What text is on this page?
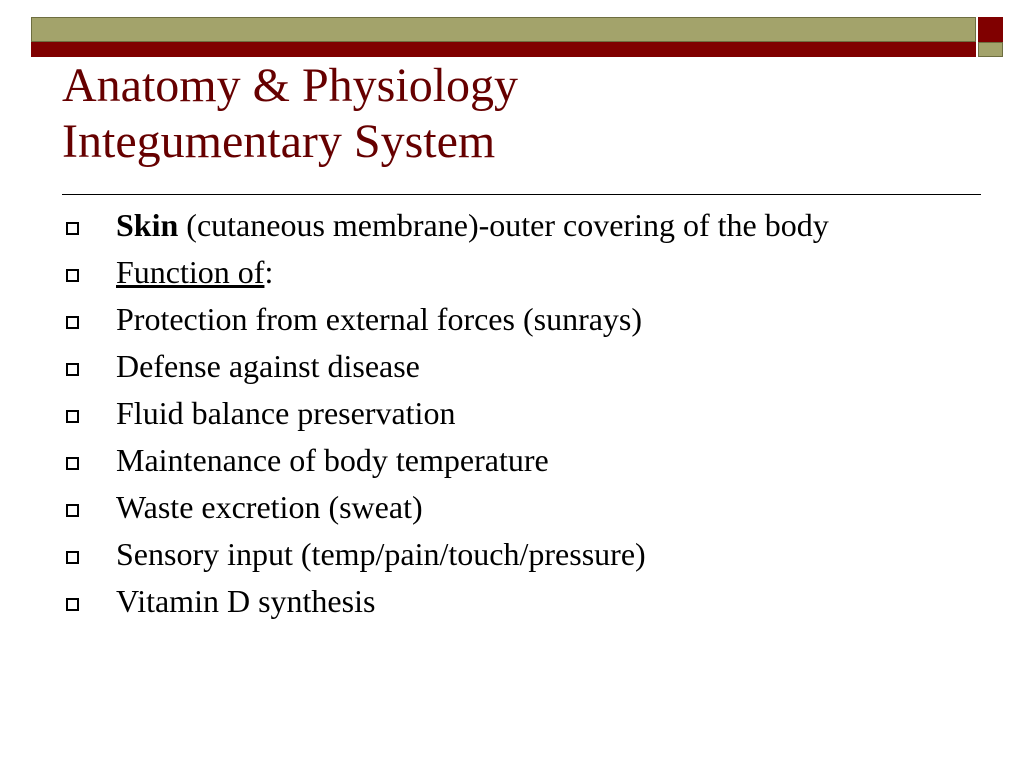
Anatomy & Physiology
Integumentary System
Skin (cutaneous membrane)-outer covering of the body
Function of:
Protection from external forces (sunrays)
Defense against disease
Fluid balance preservation
Maintenance of body temperature
Waste excretion (sweat)
Sensory input (temp/pain/touch/pressure)
Vitamin D synthesis
